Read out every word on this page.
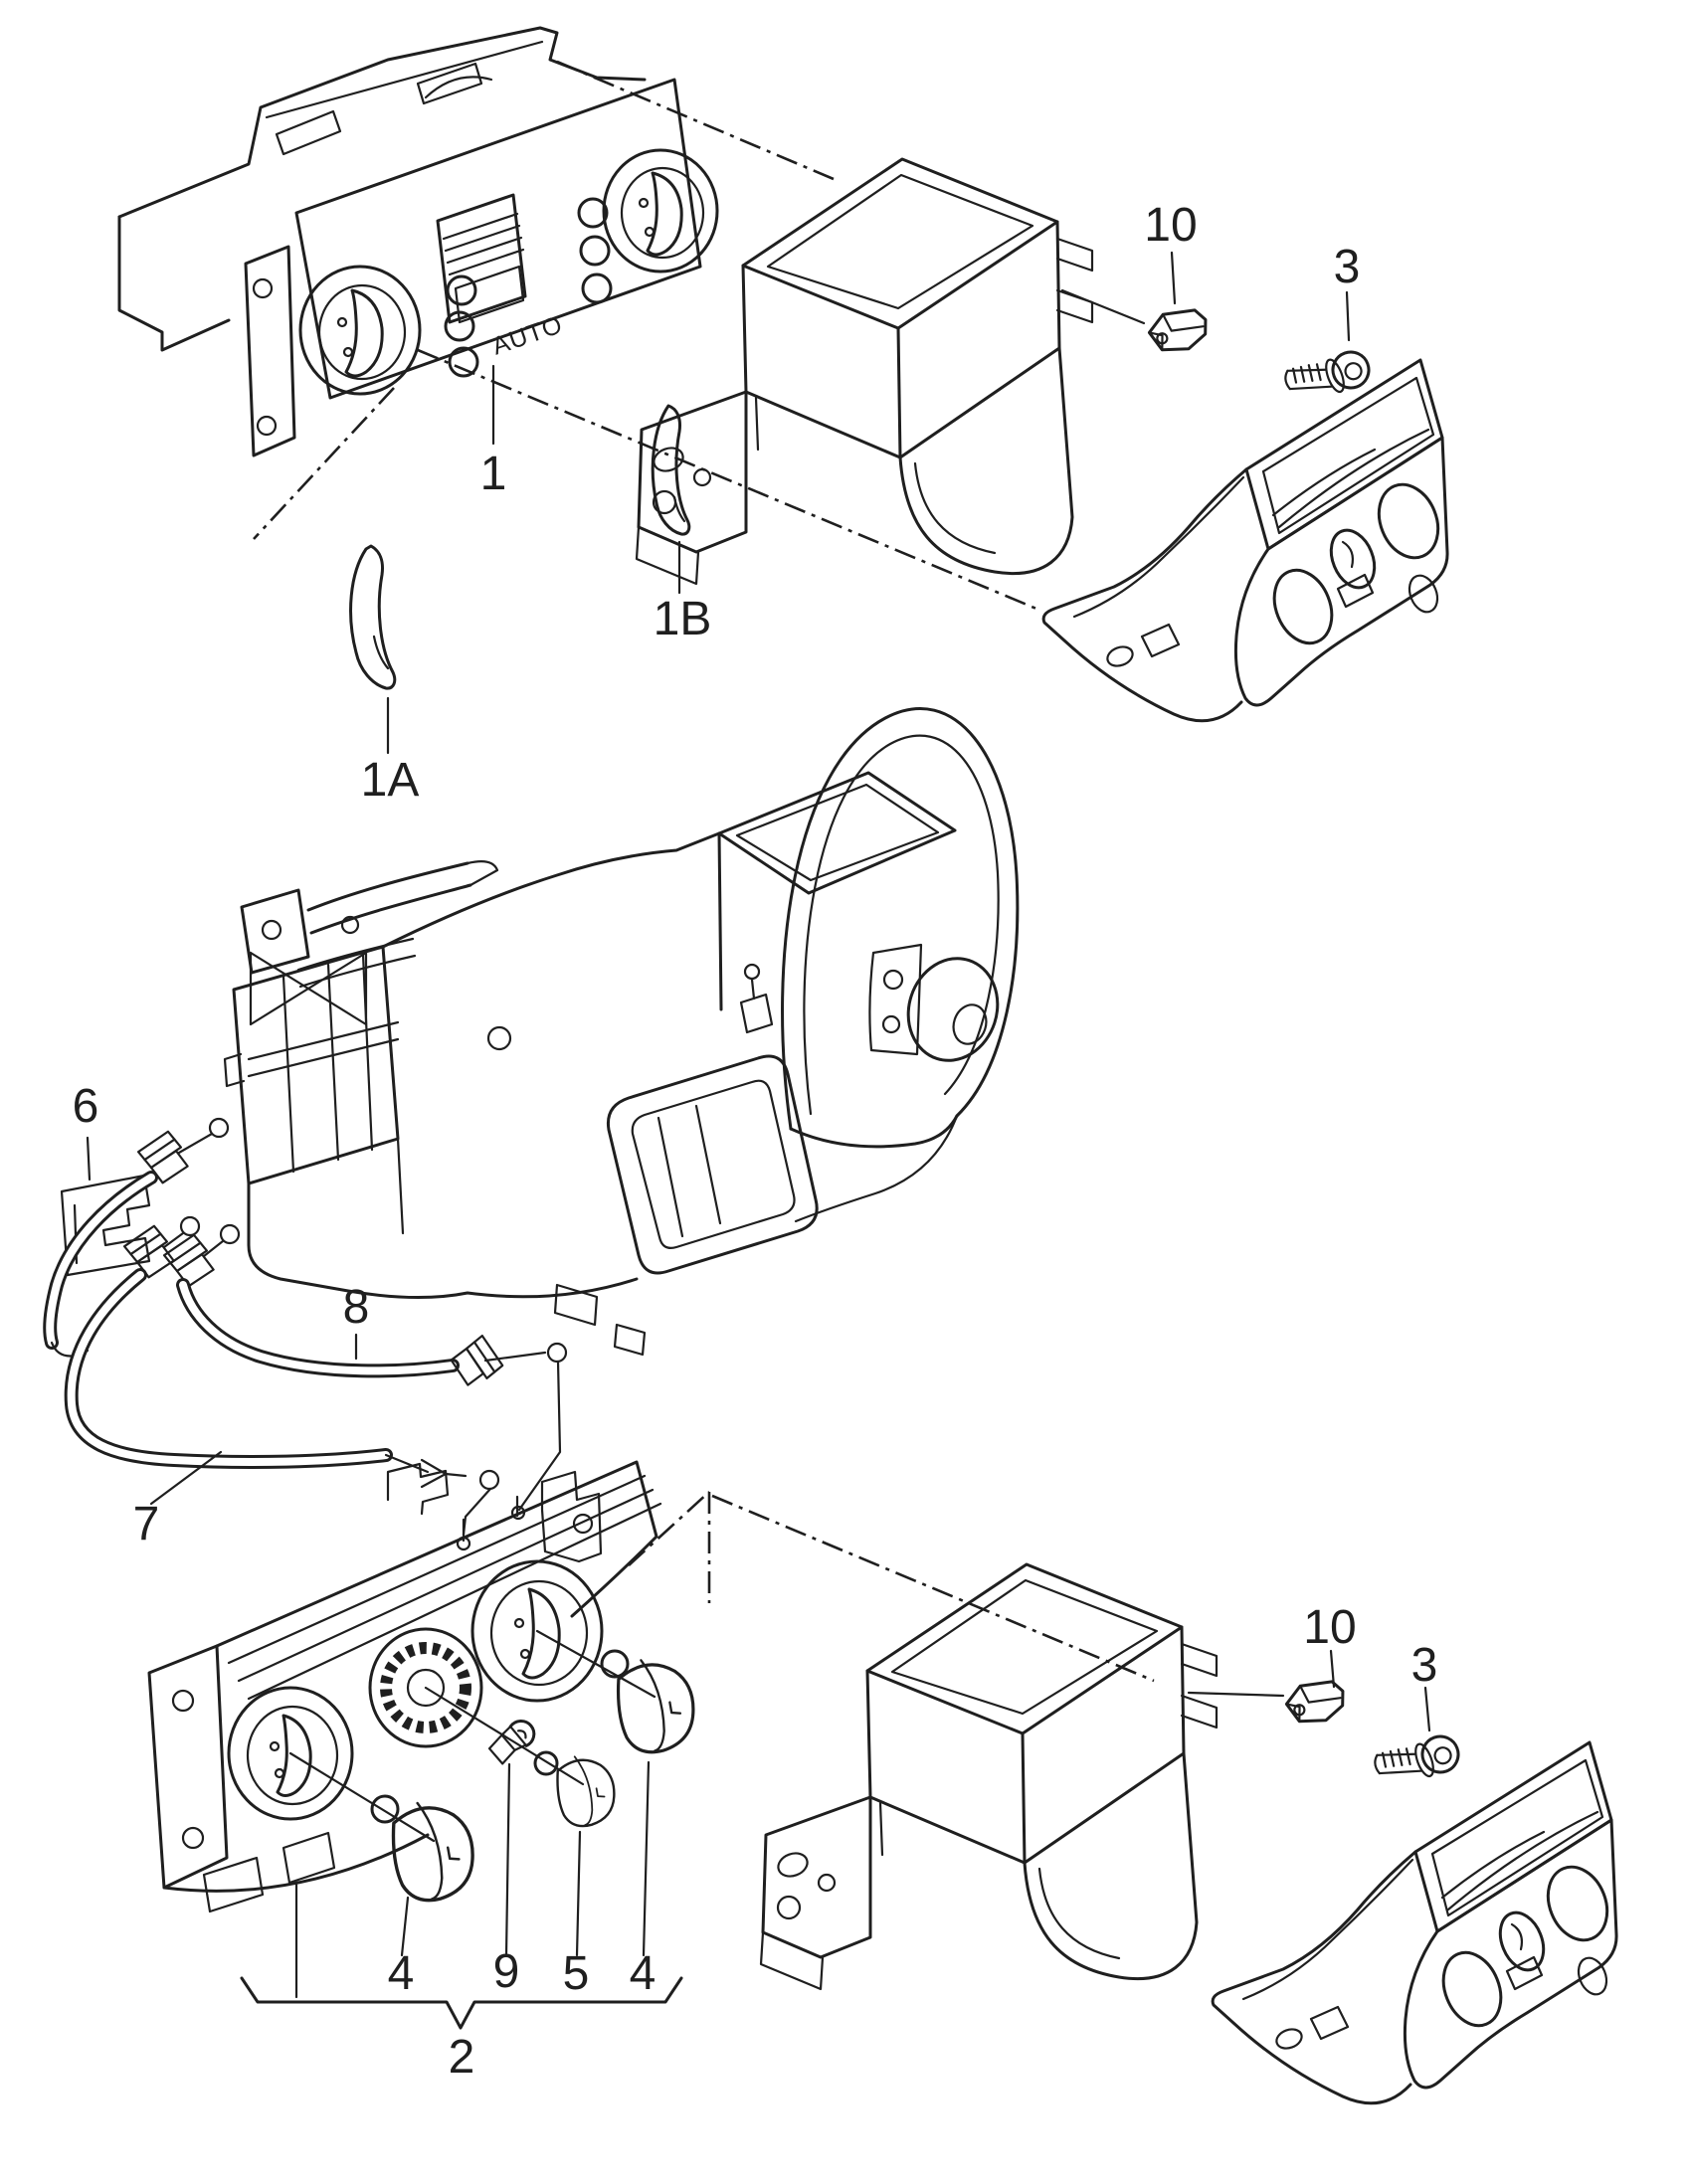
AUTO
1
1A
1B
10
3
6
8
7
4 9 5 4
2
10
3
